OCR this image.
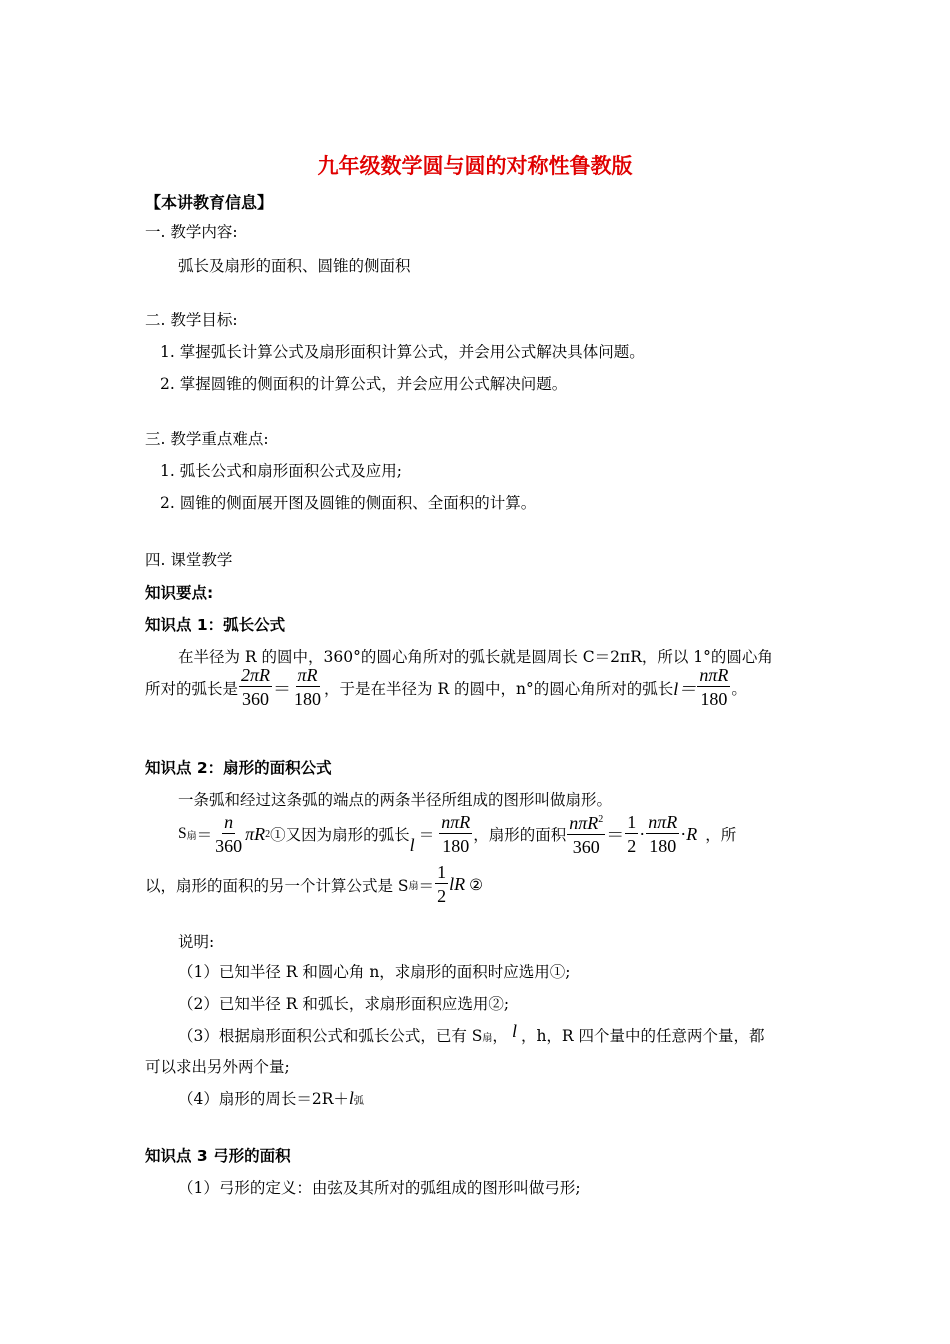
九年级数学圆与圆的对称性鲁教版
【本讲教育信息】
一. 教学内容:
弧长及扇形的面积、圆锥的侧面积
二. 教学目标:
1. 掌握弧长计算公式及扇形面积计算公式，并会用公式解决具体问题。
2. 掌握圆锥的侧面积的计算公式，并会应用公式解决问题。
三. 教学重点难点:
1. 弧长公式和扇形面积公式及应用;
2. 圆锥的侧面展开图及圆锥的侧面积、全面积的计算。
四. 课堂教学
知识要点:
知识点 1：弧长公式
在半径为 R 的圆中，360°的圆心角所对的弧长就是圆周长 C＝2πR，所以 1°的圆心角
所对的弧长是 $\frac{2\pi R}{360} = \frac{\pi R}{180}$ ，于是在半径为 R 的圆中，n°的圆心角所对的弧长 $l= \frac{\text{nπR}}{180}$ 。
知识点 2：扇形的面积公式
一条弧和经过这条弧的端点的两条半径所组成的图形叫做扇形。
S 扇 ＝ $\frac{n}{360}$ πR 2 ①又因为扇形的弧长 $l = \frac{\text{nπR}}{180}$ ，扇形的面积 $\frac{n\pi R^2}{360} = \frac{1}{2} \cdot \frac{\text{nπR}}{180} \cdot R$ ，所
以，扇形的面积的另一个计算公式是 S 扇 ＝ $\frac{1}{2}$ lR ②
说明:
（1）已知半径 R 和圆心角 n，求扇形的面积时应选用①;
（2）已知半径 R 和弧长，求扇形面积应选用②;
（3）根据扇形面积公式和弧长公式，已有 S扇， l ，h，R 四个量中的任意两个量，都
可以求出另外两个量;
（4）扇形的周长＝2R＋l弧
知识点 3 弓形的面积
（1）弓形的定义：由弦及其所对的弧组成的图形叫做弓形;
